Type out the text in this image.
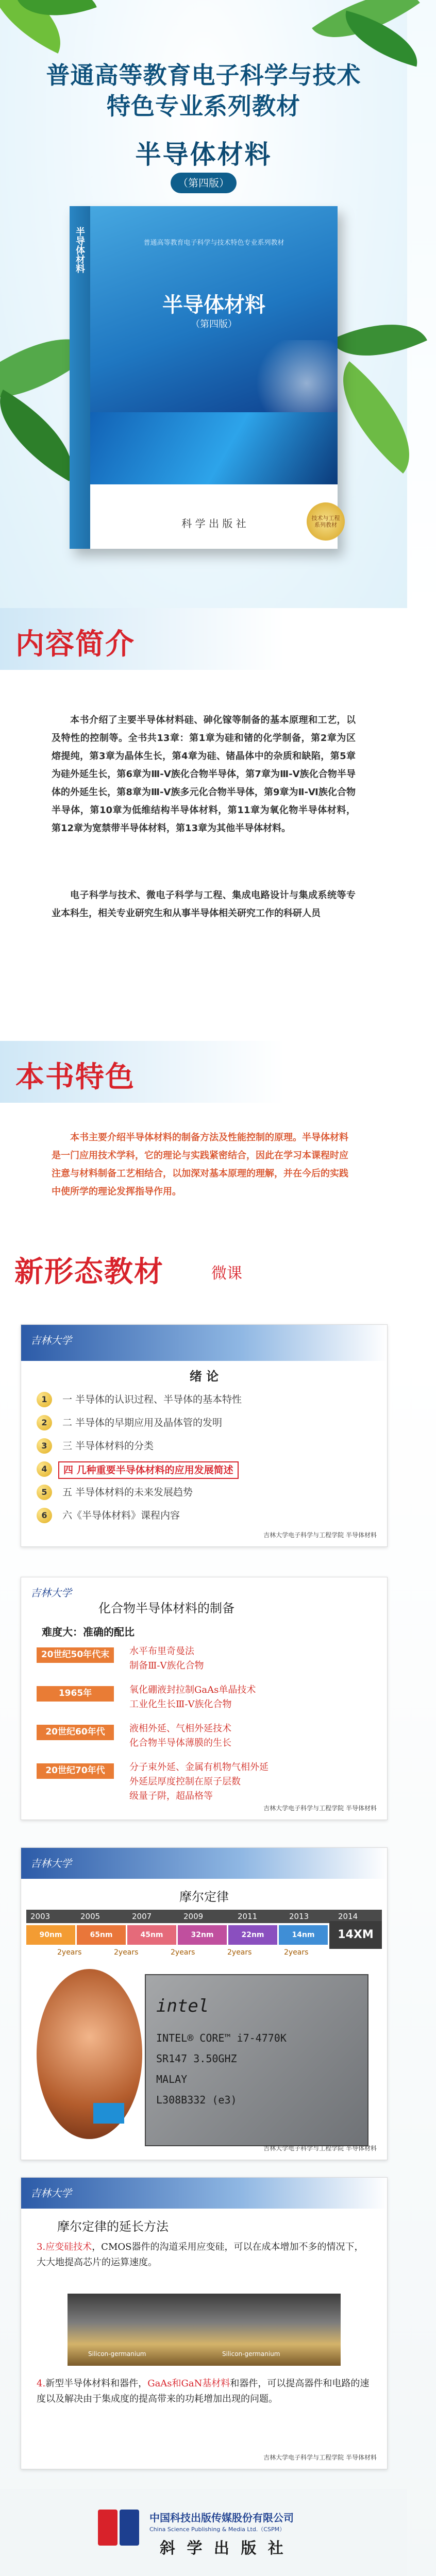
普通高等教育电子科学与技术
特色专业系列教材
半导体材料
（第四版）
半导体材料	普通高等教育电子科学与技术特色专业系列教材
半导体材料
（第四版）
科 学 出 版 社	技术与工程
系列教材
内容简介
本书介绍了主要半导体材料硅、砷化镓等制备的基本原理和工艺，以及特性的控制等。全书共13章：第1章为硅和锗的化学制备，第2章为区熔提纯，第3章为晶体生长，第4章为硅、锗晶体中的杂质和缺陷，第5章为硅外延生长，第6章为Ⅲ-Ⅴ族化合物半导体，第7章为Ⅲ-Ⅴ族化合物半导体的外延生长，第8章为Ⅲ-Ⅴ族多元化合物半导体，第9章为Ⅱ-Ⅵ族化合物半导体，第10章为低维结构半导体材料，第11章为氧化物半导体材料，第12章为宽禁带半导体材料，第13章为其他半导体材料。
电子科学与技术、微电子科学与工程、集成电路设计与集成系统等专业本科生，相关专业研究生和从事半导体相关研究工作的科研人员
本书特色
本书主要介绍半导体材料的制备方法及性能控制的原理。半导体材料是一门应用技术学科，它的理论与实践紧密结合，因此在学习本课程时应注意与材料制备工艺相结合，以加深对基本原理的理解，并在今后的实践中使所学的理论发挥指导作用。
新形态教材	微课
吉林大学
绪 论
1	一 半导体的认识过程、半导体的基本特性
2	二 半导体的早期应用及晶体管的发明
3	三 半导体材料的分类
4	四 几种重要半导体材料的应用发展简述
5	五 半导体材料的未来发展趋势
6	六《半导体材料》课程内容
吉林大学电子科学与工程学院 半导体材料
吉林大学
化合物半导体材料的制备
难度大：准确的配比
20世纪50年代末	水平布里奇曼法
制备Ⅲ-Ⅴ族化合物
1965年	氧化硼液封拉制GaAs单晶技术
工业化生长Ⅲ-Ⅴ族化合物
20世纪60年代	液相外延、气相外延技术
化合物半导体薄膜的生长
20世纪70年代	分子束外延、金属有机物气相外延
外延层厚度控制在原子层数
级量子阱，超晶格等
吉林大学电子科学与工程学院 半导体材料
吉林大学
摩尔定律
2003	2005	2007	2009	2011	2013	2014
90nm	65nm	45nm	32nm	22nm	14nm	14XM
2years	2years	2years	2years	2years
intel
INTEL® CORE™ i7-4770K
SR147 3.50GHZ
MALAY
L308B332 (e3)
吉林大学电子科学与工程学院 半导体材料
吉林大学
摩尔定律的延长方法
3.应变硅技术，CMOS器件的沟道采用应变硅，可以在成本增加不多的情况下，大大地提高芯片的运算速度。
Silicon-germanium	Silicon-germanium
4.新型半导体材料和器件，GaAs和GaN基材料和器件，可以提高器件和电路的速度以及解决由于集成度的提高带来的功耗增加出现的问题。
吉林大学电子科学与工程学院 半导体材料
中国科技出版传媒股份有限公司
China Science Publishing & Media Ltd.（CSPM）
斜 学 出 版 社
